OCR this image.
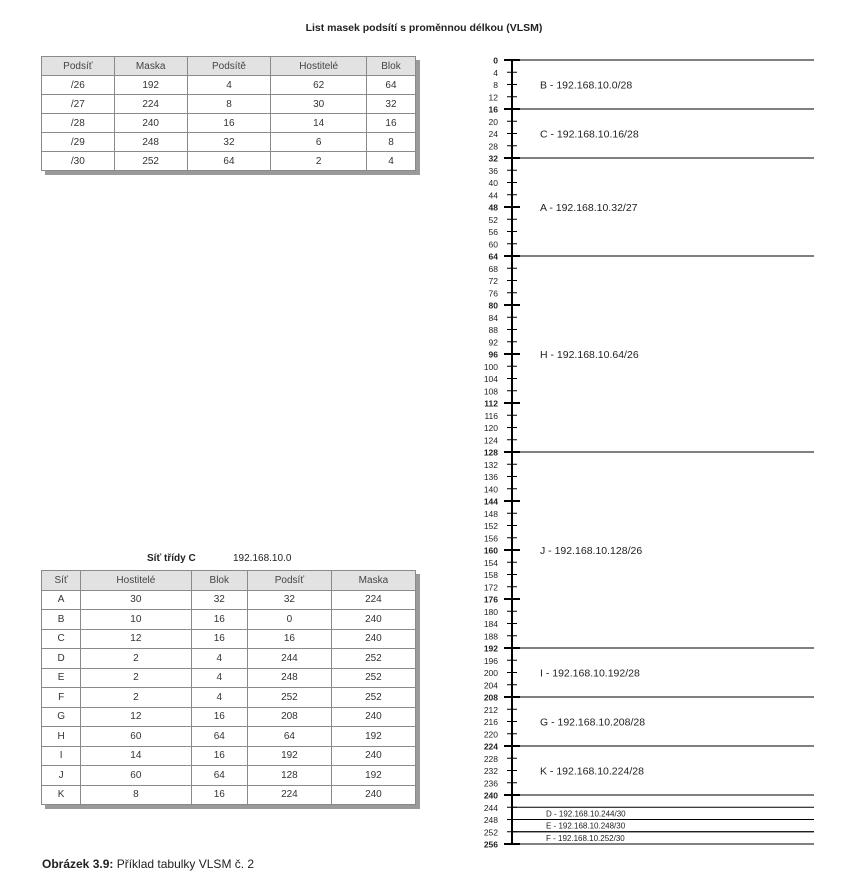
List masek podsítí s proměnnou délkou (VLSM)
Podsíť	Maska	Podsítě	Hostitelé	Blok
/26	192	4	62	64
/27	224	8	30	32
/28	240	16	14	16
/29	248	32	6	8
/30	252	64	2	4
Síť třídy C	192.168.10.0
Síť	Hostitelé	Blok	Podsíť	Maska
A	30	32	32	224
B	10	16	0	240
C	12	16	16	240
D	2	4	244	252
E	2	4	248	252
F	2	4	252	252
G	12	16	208	240
H	60	64	64	192
I	14	16	192	240
J	60	64	128	192
K	8	16	224	240
0
4
8
12
16
20
24
28
32
36
40
44
48
52
56
60
64
68
72
76
80
84
88
92
96
100
104
108
112
116
120
124
128
132
136
140
144
148
152
156
160
154
158
172
176
180
184
188
192
196
200
204
208
212
216
220
224
228
232
236
240
244
248
252
256
B - 192.168.10.0/28
C - 192.168.10.16/28
A - 192.168.10.32/27
H - 192.168.10.64/26
J - 192.168.10.128/26
I - 192.168.10.192/28
G - 192.168.10.208/28
K - 192.168.10.224/28
D - 192.168.10.244/30
E - 192.168.10.248/30
F - 192.168.10.252/30
Obrázek 3.9: Příklad tabulky VLSM č. 2
